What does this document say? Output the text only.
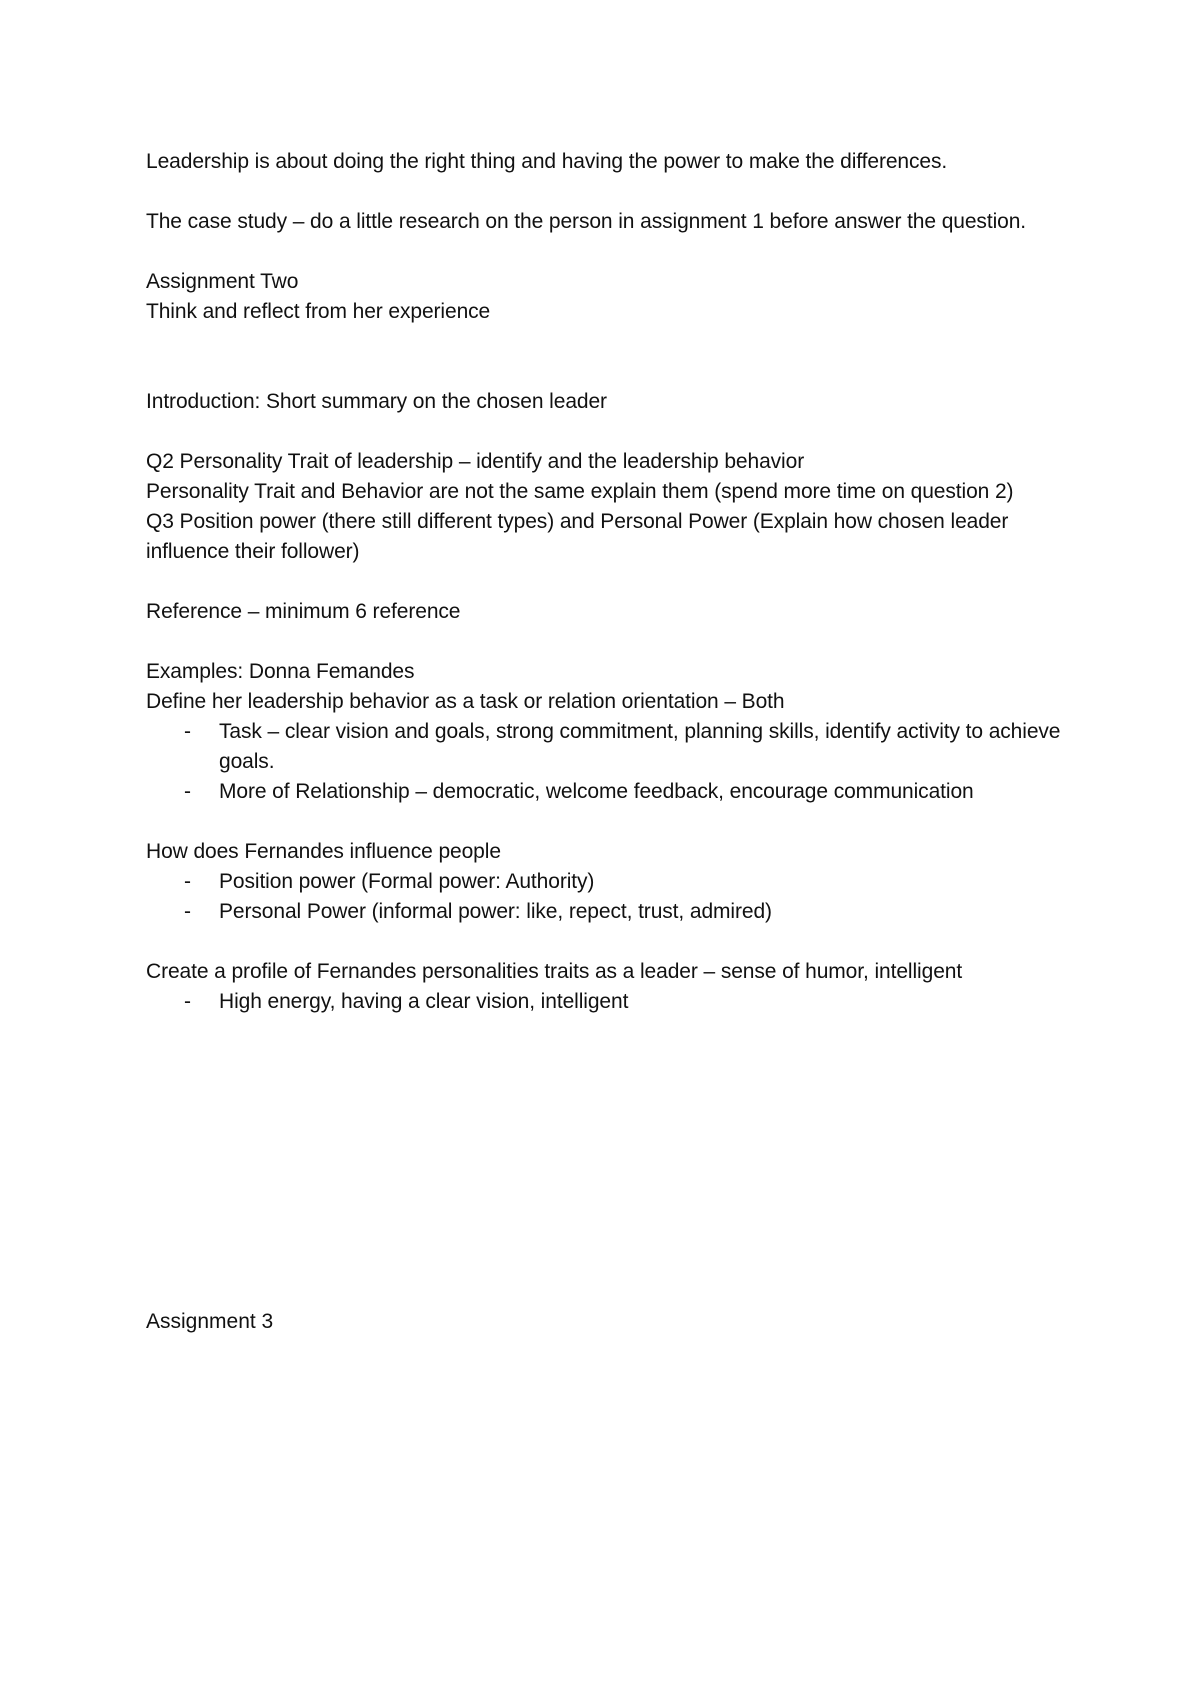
Leadership is about doing the right thing and having the power to make the differences.

The case study – do a little research on the person in assignment 1 before answer the question.

Assignment Two

Think and reflect from her experience

Introduction: Short summary on the chosen leader

Q2 Personality Trait of leadership – identify and the leadership behavior

Personality Trait and Behavior are not the same explain them (spend more time on question 2)

Q3 Position power (there still different types) and Personal Power (Explain how chosen leader influence their follower)

Reference – minimum 6 reference

Examples: Donna Femandes

Define her leadership behavior as a task or relation orientation – Both

- Task – clear vision and goals, strong commitment, planning skills, identify activity to achieve goals.
- More of Relationship – democratic, welcome feedback, encourage communication

How does Fernandes influence people

- Position power (Formal power: Authority)
- Personal Power (informal power: like, repect, trust, admired)

Create a profile of Fernandes personalities traits as a leader – sense of humor, intelligent

- High energy, having a clear vision, intelligent

Assignment 3
